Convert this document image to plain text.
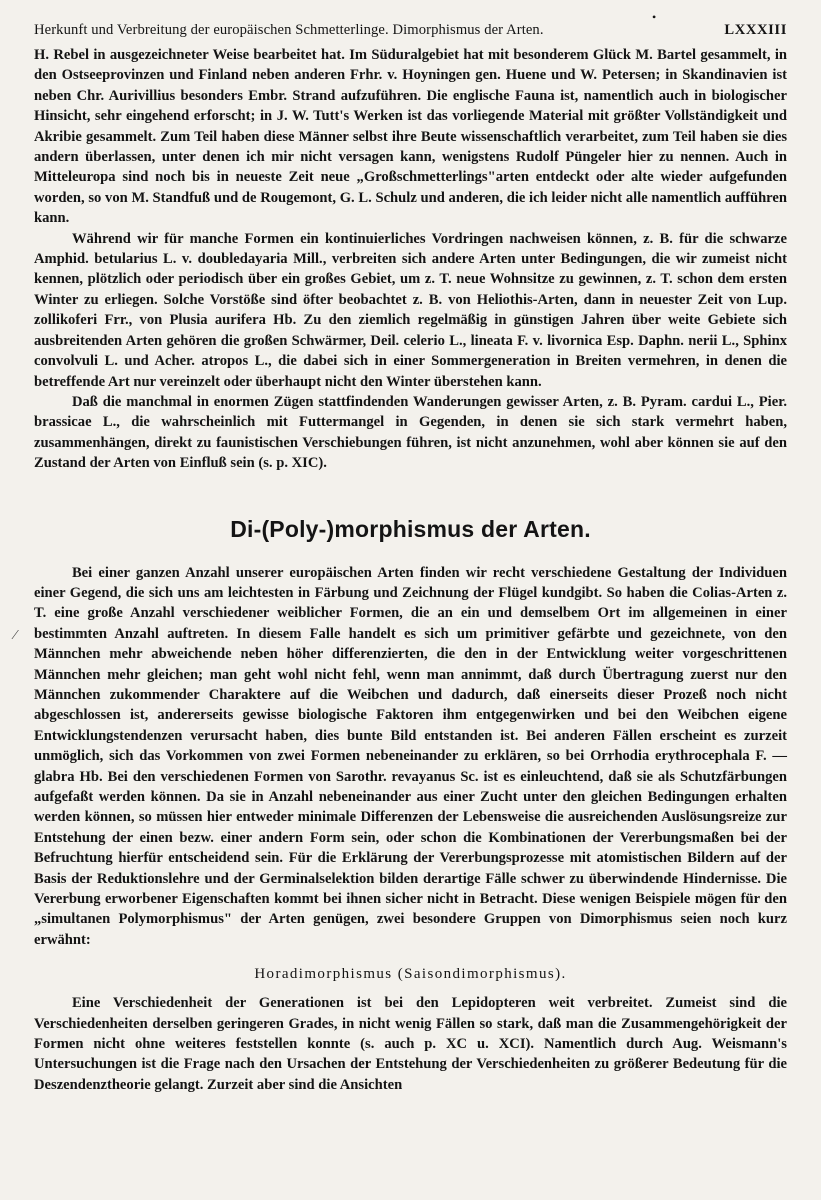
•
Herkunft und Verbreitung der europäischen Schmetterlinge. Dimorphismus der Arten.	LXXXIII

H. Rebel in ausgezeichneter Weise bearbeitet hat. Im Süduralgebiet hat mit besonderem Glück M. Bartel gesammelt, in den Ostseeprovinzen und Finland neben anderen Frhr. v. Hoyningen gen. Huene und W. Petersen; in Skandinavien ist neben Chr. Aurivillius besonders Embr. Strand aufzuführen. Die englische Fauna ist, namentlich auch in biologischer Hinsicht, sehr eingehend erforscht; in J. W. Tutt's Werken ist das vorliegende Material mit größter Vollständigkeit und Akribie gesammelt. Zum Teil haben diese Männer selbst ihre Beute wissenschaftlich verarbeitet, zum Teil haben sie dies andern überlassen, unter denen ich mir nicht versagen kann, wenigstens Rudolf Püngeler hier zu nennen. Auch in Mitteleuropa sind noch bis in neueste Zeit neue „Großschmetterlings"arten entdeckt oder alte wieder aufgefunden worden, so von M. Standfuß und de Rougemont, G. L. Schulz und anderen, die ich leider nicht alle namentlich aufführen kann.

Während wir für manche Formen ein kontinuierliches Vordringen nachweisen können, z. B. für die schwarze Amphid. betularius L. v. doubledayaria Mill., verbreiten sich andere Arten unter Bedingungen, die wir zumeist nicht kennen, plötzlich oder periodisch über ein großes Gebiet, um z. T. neue Wohnsitze zu gewinnen, z. T. schon dem ersten Winter zu erliegen. Solche Vorstöße sind öfter beobachtet z. B. von Heliothis-Arten, dann in neuester Zeit von Lup. zollikoferi Frr., von Plusia aurifera Hb. Zu den ziemlich regelmäßig in günstigen Jahren über weite Gebiete sich ausbreitenden Arten gehören die großen Schwärmer, Deil. celerio L., lineata F. v. livornica Esp. Daphn. nerii L., Sphinx convolvuli L. und Acher. atropos L., die dabei sich in einer Sommergeneration in Breiten vermehren, in denen die betreffende Art nur vereinzelt oder überhaupt nicht den Winter überstehen kann.

Daß die manchmal in enormen Zügen stattfindenden Wanderungen gewisser Arten, z. B. Pyram. cardui L., Pier. brassicae L., die wahrscheinlich mit Futtermangel in Gegenden, in denen sie sich stark vermehrt haben, zusammenhängen, direkt zu faunistischen Verschiebungen führen, ist nicht anzunehmen, wohl aber können sie auf den Zustand der Arten von Einfluß sein (s. p. XIC).

Di-(Poly-)morphismus der Arten.

Bei einer ganzen Anzahl unserer europäischen Arten finden wir recht verschiedene Gestaltung der Individuen einer Gegend, die sich uns am leichtesten in Färbung und Zeichnung der Flügel kundgibt. So haben die Colias-Arten z. T. eine große Anzahl verschiedener weiblicher Formen, die an ein und demselbem Ort im allgemeinen in einer bestimmten Anzahl auftreten. In diesem Falle handelt es sich um primitiver gefärbte und gezeichnete, von den Männchen mehr abweichende neben höher differenzierten, die den in der Entwicklung weiter vorgeschrittenen Männchen mehr gleichen; man geht wohl nicht fehl, wenn man annimmt, daß durch Übertragung zuerst nur den Männchen zukommender Charaktere auf die Weibchen und dadurch, daß einerseits dieser Prozeß noch nicht abgeschlossen ist, andererseits gewisse biologische Faktoren ihm entgegenwirken und bei den Weibchen eigene Entwicklungstendenzen verursacht haben, dies bunte Bild entstanden ist. Bei anderen Fällen erscheint es zurzeit unmöglich, sich das Vorkommen von zwei Formen nebeneinander zu erklären, so bei Orrhodia erythrocephala F. — glabra Hb. Bei den verschiedenen Formen von Sarothr. revayanus Sc. ist es einleuchtend, daß sie als Schutzfärbungen aufgefaßt werden können. Da sie in Anzahl nebeneinander aus einer Zucht unter den gleichen Bedingungen erhalten werden können, so müssen hier entweder minimale Differenzen der Lebensweise die ausreichenden Auslösungsreize zur Entstehung der einen bezw. einer andern Form sein, oder schon die Kombinationen der Vererbungsmaßen bei der Befruchtung hierfür entscheidend sein. Für die Erklärung der Vererbungsprozesse mit atomistischen Bildern auf der Basis der Reduktionslehre und der Germinalselektion bilden derartige Fälle schwer zu überwindende Hindernisse. Die Vererbung erworbener Eigenschaften kommt bei ihnen sicher nicht in Betracht. Diese wenigen Beispiele mögen für den „simultanen Polymorphismus" der Arten genügen, zwei besondere Gruppen von Dimorphismus seien noch kurz erwähnt:

Horadimorphismus (Saisondimorphismus).

Eine Verschiedenheit der Generationen ist bei den Lepidopteren weit verbreitet. Zumeist sind die Verschiedenheiten derselben geringeren Grades, in nicht wenig Fällen so stark, daß man die Zusammengehörigkeit der Formen nicht ohne weiteres feststellen konnte (s. auch p. XC u. XCI). Namentlich durch Aug. Weismann's Untersuchungen ist die Frage nach den Ursachen der Entstehung der Verschiedenheiten zu größerer Bedeutung für die Deszendenztheorie gelangt. Zurzeit aber sind die Ansichten

⁄
